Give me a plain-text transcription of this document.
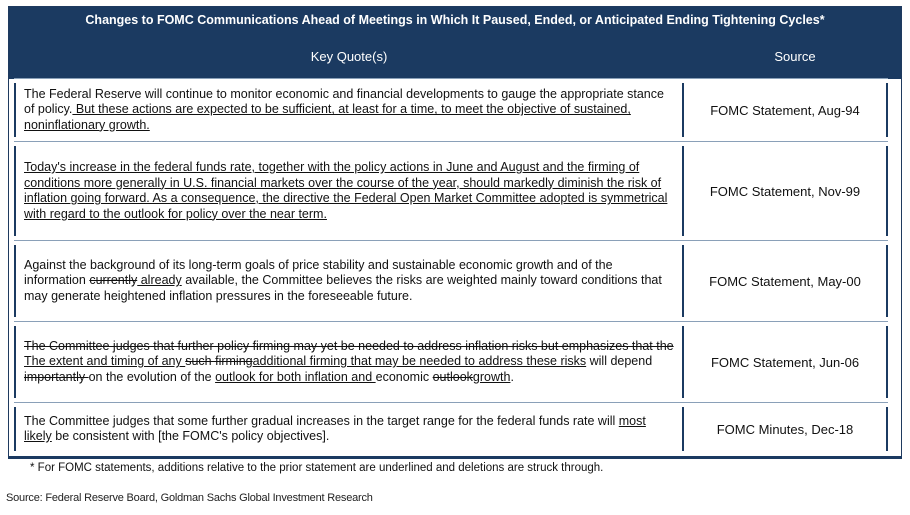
Changes to FOMC Communications Ahead of Meetings in Which It Paused, Ended, or Anticipated Ending Tightening Cycles*
Key Quote(s)	Source
The Federal Reserve will continue to monitor economic and financial developments to gauge the appropriate stance of policy. But these actions are expected to be sufficient, at least for a time, to meet the objective of sustained, noninflationary growth.
FOMC Statement, Aug-94
Today's increase in the federal funds rate, together with the policy actions in June and August and the firming of conditions more generally in U.S. financial markets over the course of the year, should markedly diminish the risk of inflation going forward. As a consequence, the directive the Federal Open Market Committee adopted is symmetrical with regard to the outlook for policy over the near term.
FOMC Statement, Nov-99
Against the background of its long-term goals of price stability and sustainable economic growth and of the information currently already available, the Committee believes the risks are weighted mainly toward conditions that may generate heightened inflation pressures in the foreseeable future.
FOMC Statement, May-00
The Committee judges that further policy firming may yet be needed to address inflation risks but emphasizes that the The extent and timing of any such firmingadditional firming that may be needed to address these risks will depend importantly on the evolution of the outlook for both inflation and economic outlookgrowth.
FOMC Statement, Jun-06
The Committee judges that some further gradual increases in the target range for the federal funds rate will most likely be consistent with [the FOMC's policy objectives].	FOMC Minutes, Dec-18
* For FOMC statements, additions relative to the prior statement are underlined and deletions are struck through.
Source: Federal Reserve Board, Goldman Sachs Global Investment Research
